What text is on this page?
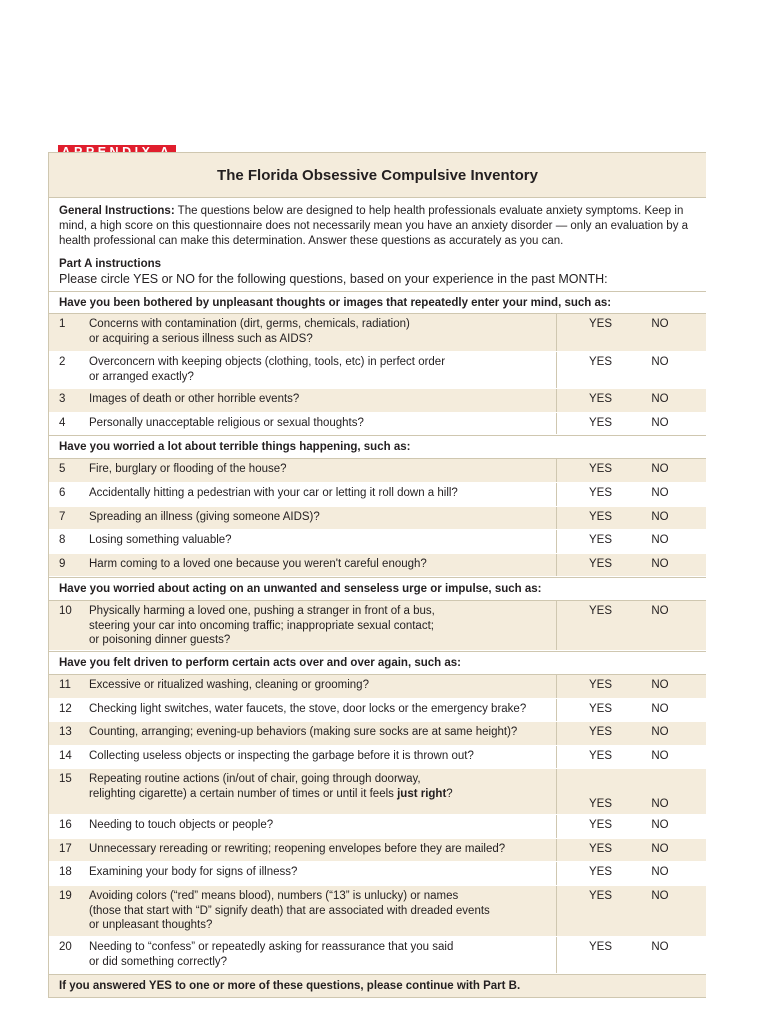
The Florida Obsessive Compulsive Inventory
General Instructions: The questions below are designed to help health professionals evaluate anxiety symptoms. Keep in mind, a high score on this questionnaire does not necessarily mean you have an anxiety disorder — only an evaluation by a health professional can make this determination. Answer these questions as accurately as you can.
Part A instructions
Please circle YES or NO for the following questions, based on your experience in the past MONTH:
Have you been bothered by unpleasant thoughts or images that repeatedly enter your mind, such as:
1	Concerns with contamination (dirt, germs, chemicals, radiation)
or acquiring a serious illness such as AIDS?
YES	NO
2	Overconcern with keeping objects (clothing, tools, etc) in perfect order
or arranged exactly?
YES	NO
3	Images of death or other horrible events?	YES	NO
4	Personally unacceptable religious or sexual thoughts?	YES	NO
Have you worried a lot about terrible things happening, such as:
5	Fire, burglary or flooding of the house?	YES	NO
6	Accidentally hitting a pedestrian with your car or letting it roll down a hill?	YES	NO
7	Spreading an illness (giving someone AIDS)?	YES	NO
8	Losing something valuable?	YES	NO
9	Harm coming to a loved one because you weren't careful enough?	YES	NO
Have you worried about acting on an unwanted and senseless urge or impulse, such as:
10	Physically harming a loved one, pushing a stranger in front of a bus,
steering your car into oncoming traffic; inappropriate sexual contact;
or poisoning dinner guests?
YES	NO
Have you felt driven to perform certain acts over and over again, such as:
11	Excessive or ritualized washing, cleaning or grooming?	YES	NO
12	Checking light switches, water faucets, the stove, door locks or the emergency brake?	YES	NO
13	Counting, arranging; evening-up behaviors (making sure socks are at same height)?	YES	NO
14	Collecting useless objects or inspecting the garbage before it is thrown out?	YES	NO
15	Repeating routine actions (in/out of chair, going through doorway,
relighting cigarette) a certain number of times or until it feels just right?
YES	NO
16	Needing to touch objects or people?	YES	NO
17	Unnecessary rereading or rewriting; reopening envelopes before they are mailed?	YES	NO
18	Examining your body for signs of illness?	YES	NO
19	Avoiding colors (“red” means blood), numbers (“13” is unlucky) or names
(those that start with “D” signify death) that are associated with dreaded events
or unpleasant thoughts?
YES	NO
20	Needing to “confess” or repeatedly asking for reassurance that you said
or did something correctly?
YES	NO
If you answered YES to one or more of these questions, please continue with Part B.
